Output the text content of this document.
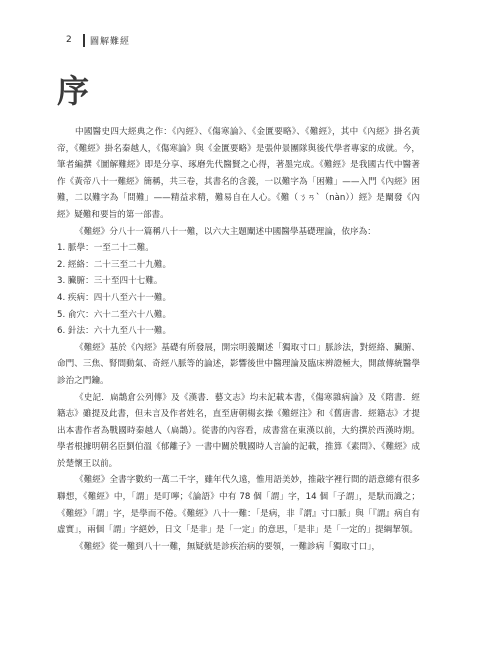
2	圖解難經
序

中國醫史四大經典之作：《內經》、《傷寒論》、《金匱要略》、《難經》，其中《內經》掛名黃帝，《難經》掛名秦越人，《傷寒論》與《金匱要略》是張仲景團隊與後代學者專家的成就。今，筆者編撰《圖解難經》即是分享、琢磨先代醫賢之心得，著墨完成。《難經》是我國古代中醫著作《黃帝八十一難經》簡稱，共三卷，其書名的含義，一以難字為「困難」——入門《內經》困難，二以難字為「問難」——精益求精，難易自在人心。《難（ㄋㄢˋ（nàn））經》是闡發《內經》疑難和要旨的第一部書。

《難經》分八十一篇稱八十一難，以六大主題闡述中國醫學基礎理論，依序為：

1. 脈學：一至二十二難。

2. 經絡：二十三至二十九難。

3. 臟腑：三十至四十七難。

4. 疾病：四十八至六十一難。

5. 俞穴：六十二至六十八難。

6. 針法：六十九至八十一難。

《難經》基於《內經》基礎有所發展，開宗明義闡述「獨取寸口」脈診法，對經絡、臟腑、命門、三焦、腎間動氣、奇經八脈等的論述，影響後世中醫理論及臨床辨證極大，開啟傳統醫學診治之門鑰。

《史記．扁鵲倉公列傳》及《漢書．藝文志》均未記載本書，《傷寒雜病論》及《隋書．經籍志》雖提及此書，但未言及作者姓名，直至唐朝楊玄操《難經注》和《舊唐書．經籍志》才提出本書作者為戰國時秦越人（扁鵲）。從書的內容看，成書當在東漢以前，大約撰於西漢時期。學者根據明朝名臣劉伯溫《郁離子》一書中關於戰國時人言論的記載，推算《素問》、《難經》成於楚懷王以前。

《難經》全書字數約一萬二千字，雖年代久遠，惟用語美妙，推敲字裡行間的語意總有很多聯想，《難經》中，「謂」是叮嚀；《論語》中有 78 個「謂」字，14 個「子謂」，是馱而識之；《難經》「謂」字，是學而不倦。《難經》八十一難：「是病，非『謂』寸口脈」與「『謂』病自有虛實」，兩個「謂」字絕妙，日文「是非」是「一定」的意思，「是非」是「一定的」提綱挈領。

《難經》從一難到八十一難，無疑就是診疾治病的要領，一難診病「獨取寸口」，
